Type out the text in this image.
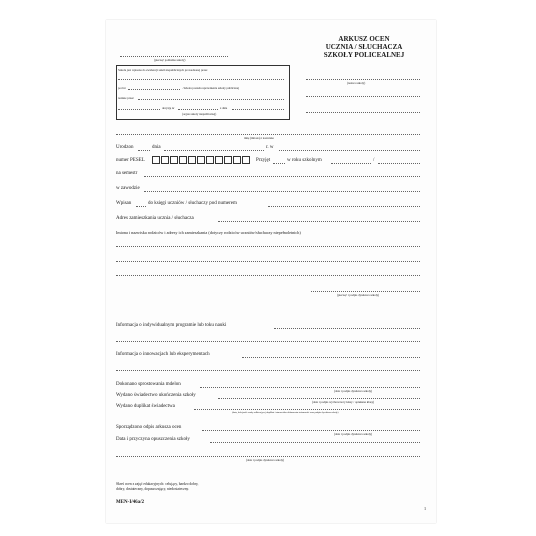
(pieczęć podłużna szkoły)
ARKUSZ OCEN
UCZNIA / SŁUCHACZA
SZKOŁY POLICEALNEJ
(nazwa szkoły)
Szkoła jest wpisana do ewidencji szkół niepublicznych prowadzonej przez
pod nr	. Szkoła posiada uprawnienia szkoły publicznej
nadane przez
decyzją nr	z dnia
(organ szkoły niepublicznej)
imię (imiona) i nazwisko
Urodzon	dnia	r. w
numer PESEL	Przyjęt	w roku szkolnym	/
na semestr
w zawodzie
Wpisan	do księgi uczniów / słuchaczy pod numerem
Adres zamieszkania ucznia / słuchacza
Imiona i nazwiska rodziców i adresy ich zamieszkania (dotyczy rodziców uczniów/słuchaczy niepełnoletnich)
(pieczęć i podpis dyrektora szkoły)
Informacja o indywidualnym programie lub toku nauki
Informacja o innowacjach lub eksperymentach
Dokonano sprostowania mdelon
(data i podpis dyrektora szkoły)
Wydano świadectwo ukończenia szkoły
(data i podpis wychowawcy klasy / opiekuna klasy)
Wydano duplikat świadectwa
(data, kolejność osoby odbierającej duplikat i stanowisko dokumentu tożsamości oraz podpis dyrektora szkoły)
Sporządzono odpis arkusza ocen
(data i podpis dyrektora szkoły)
Data i przyczyna opuszczenia szkoły
(data i podpis dyrektora szkoły)
Skreś ocen z zajęć edukacyjnych: celujący, bardzo dobry,
dobry, dostateczny, dopuszczający, niedostateczny.
MEN-I/46a/2
1
